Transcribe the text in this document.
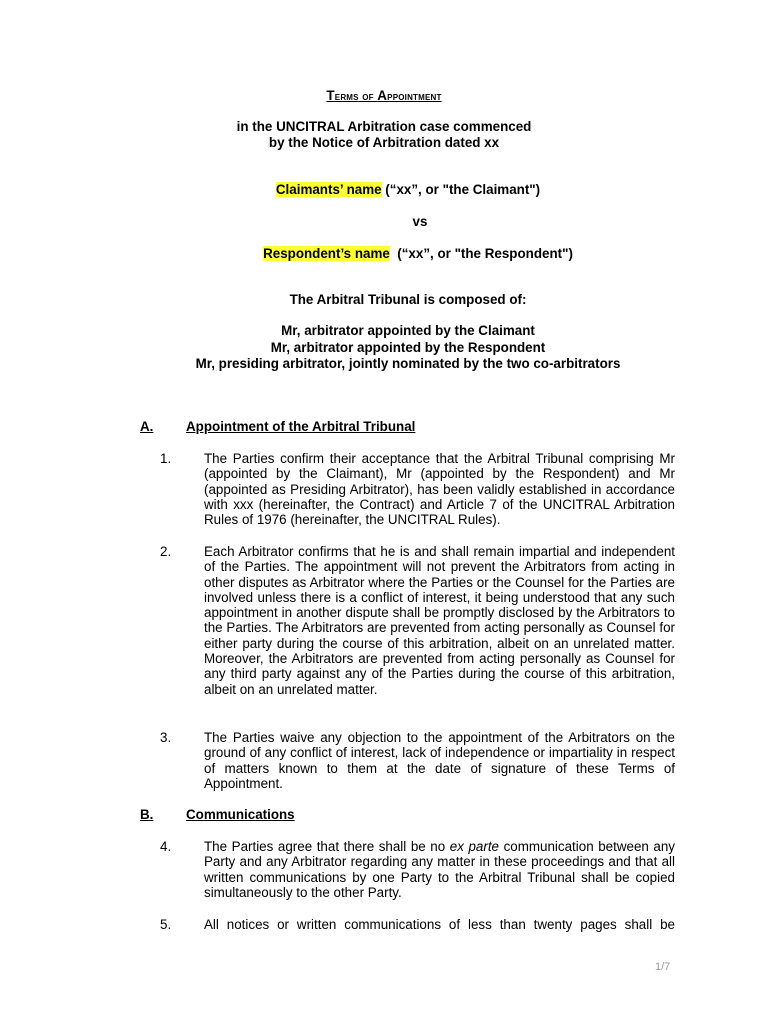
Terms of Appointment
in the UNCITRAL Arbitration case commenced
by the Notice of Arbitration dated xx
Claimants’ name (“xx”, or "the Claimant")
vs
Respondent’s name  (“xx”, or "the Respondent")
The Arbitral Tribunal is composed of:
Mr, arbitrator appointed by the Claimant
Mr, arbitrator appointed by the Respondent
Mr, presiding arbitrator, jointly nominated by the two co-arbitrators
A. Appointment of the Arbitral Tribunal
1.	The Parties confirm their acceptance that the Arbitral Tribunal comprising Mr (appointed by the Claimant), Mr (appointed by the Respondent) and Mr (appointed as Presiding Arbitrator), has been validly established in accordance with xxx (hereinafter, the Contract) and Article 7 of the UNCITRAL Arbitration Rules of 1976 (hereinafter, the UNCITRAL Rules).
2.	Each Arbitrator confirms that he is and shall remain impartial and independent of the Parties. The appointment will not prevent the Arbitrators from acting in other disputes as Arbitrator where the Parties or the Counsel for the Parties are involved unless there is a conflict of interest, it being understood that any such appointment in another dispute shall be promptly disclosed by the Arbitrators to the Parties. The Arbitrators are prevented from acting personally as Counsel for either party during the course of this arbitration, albeit on an unrelated matter. Moreover, the Arbitrators are prevented from acting personally as Counsel for any third party against any of the Parties during the course of this arbitration, albeit on an unrelated matter.
3.	The Parties waive any objection to the appointment of the Arbitrators on the ground of any conflict of interest, lack of independence or impartiality in respect of matters known to them at the date of signature of these Terms of Appointment.
B. Communications
4.	The Parties agree that there shall be no ex parte communication between any Party and any Arbitrator regarding any matter in these proceedings and that all written communications by one Party to the Arbitral Tribunal shall be copied simultaneously to the other Party.
5.	All notices or written communications of less than twenty pages shall be
1/7
